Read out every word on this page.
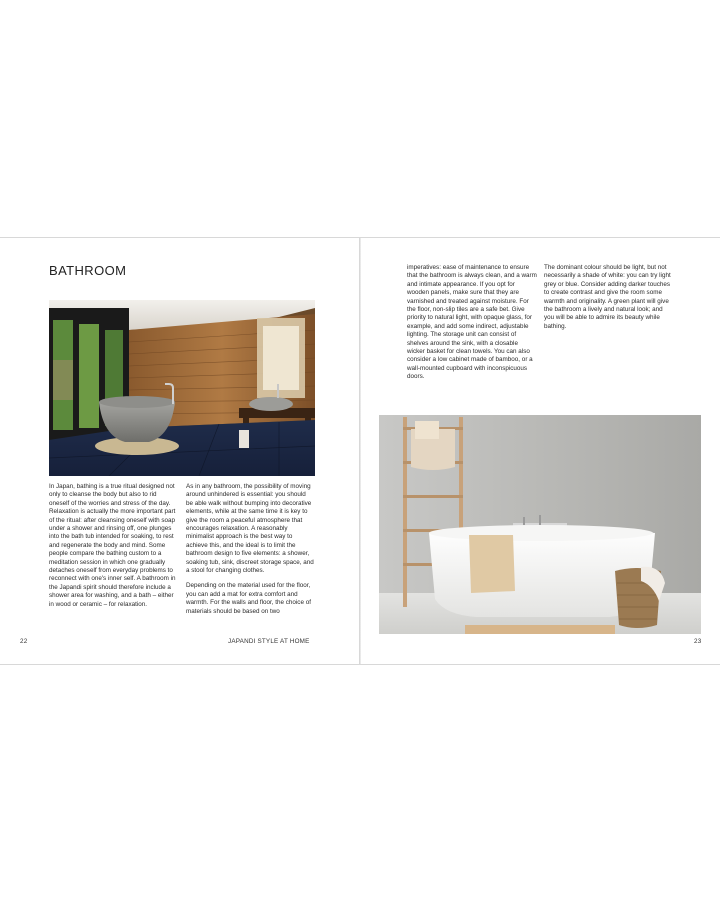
BATHROOM

In Japan, bathing is a true ritual designed not only to cleanse the body but also to rid oneself of the worries and stress of the day. Relaxation is actually the more important part of the ritual: after cleansing oneself with soap under a shower and rinsing off, one plunges into the bath tub intended for soaking, to rest and regenerate the body and mind. Some people compare the bathing custom to a meditation session in which one gradually detaches oneself from everyday problems to reconnect with one's inner self. A bathroom in the Japandi spirit should therefore include a shower area for washing, and a bath – either in wood or ceramic – for relaxation.

As in any bathroom, the possibility of moving around unhindered is essential: you should be able walk without bumping into decorative elements, while at the same time it is key to give the room a peaceful atmosphere that encourages relaxation. A reasonably minimalist approach is the best way to achieve this, and the ideal is to limit the bathroom design to five elements: a shower, soaking tub, sink, discreet storage space, and a stool for changing clothes.

Depending on the material used for the floor, you can add a mat for extra comfort and warmth. For the walls and floor, the choice of materials should be based on two

22	JAPANDI STYLE AT HOME

imperatives: ease of maintenance to ensure that the bathroom is always clean, and a warm and intimate appearance. If you opt for wooden panels, make sure that they are varnished and treated against moisture. For the floor, non-slip tiles are a safe bet. Give priority to natural light, with opaque glass, for example, and add some indirect, adjustable lighting. The storage unit can consist of shelves around the sink, with a closable wicker basket for clean towels. You can also consider a low cabinet made of bamboo, or a wall-mounted cupboard with inconspicuous doors.

The dominant colour should be light, but not necessarily a shade of white: you can try light grey or blue. Consider adding darker touches to create contrast and give the room some warmth and originality. A green plant will give the bathroom a lively and natural look; and you will be able to admire its beauty while bathing.

23
